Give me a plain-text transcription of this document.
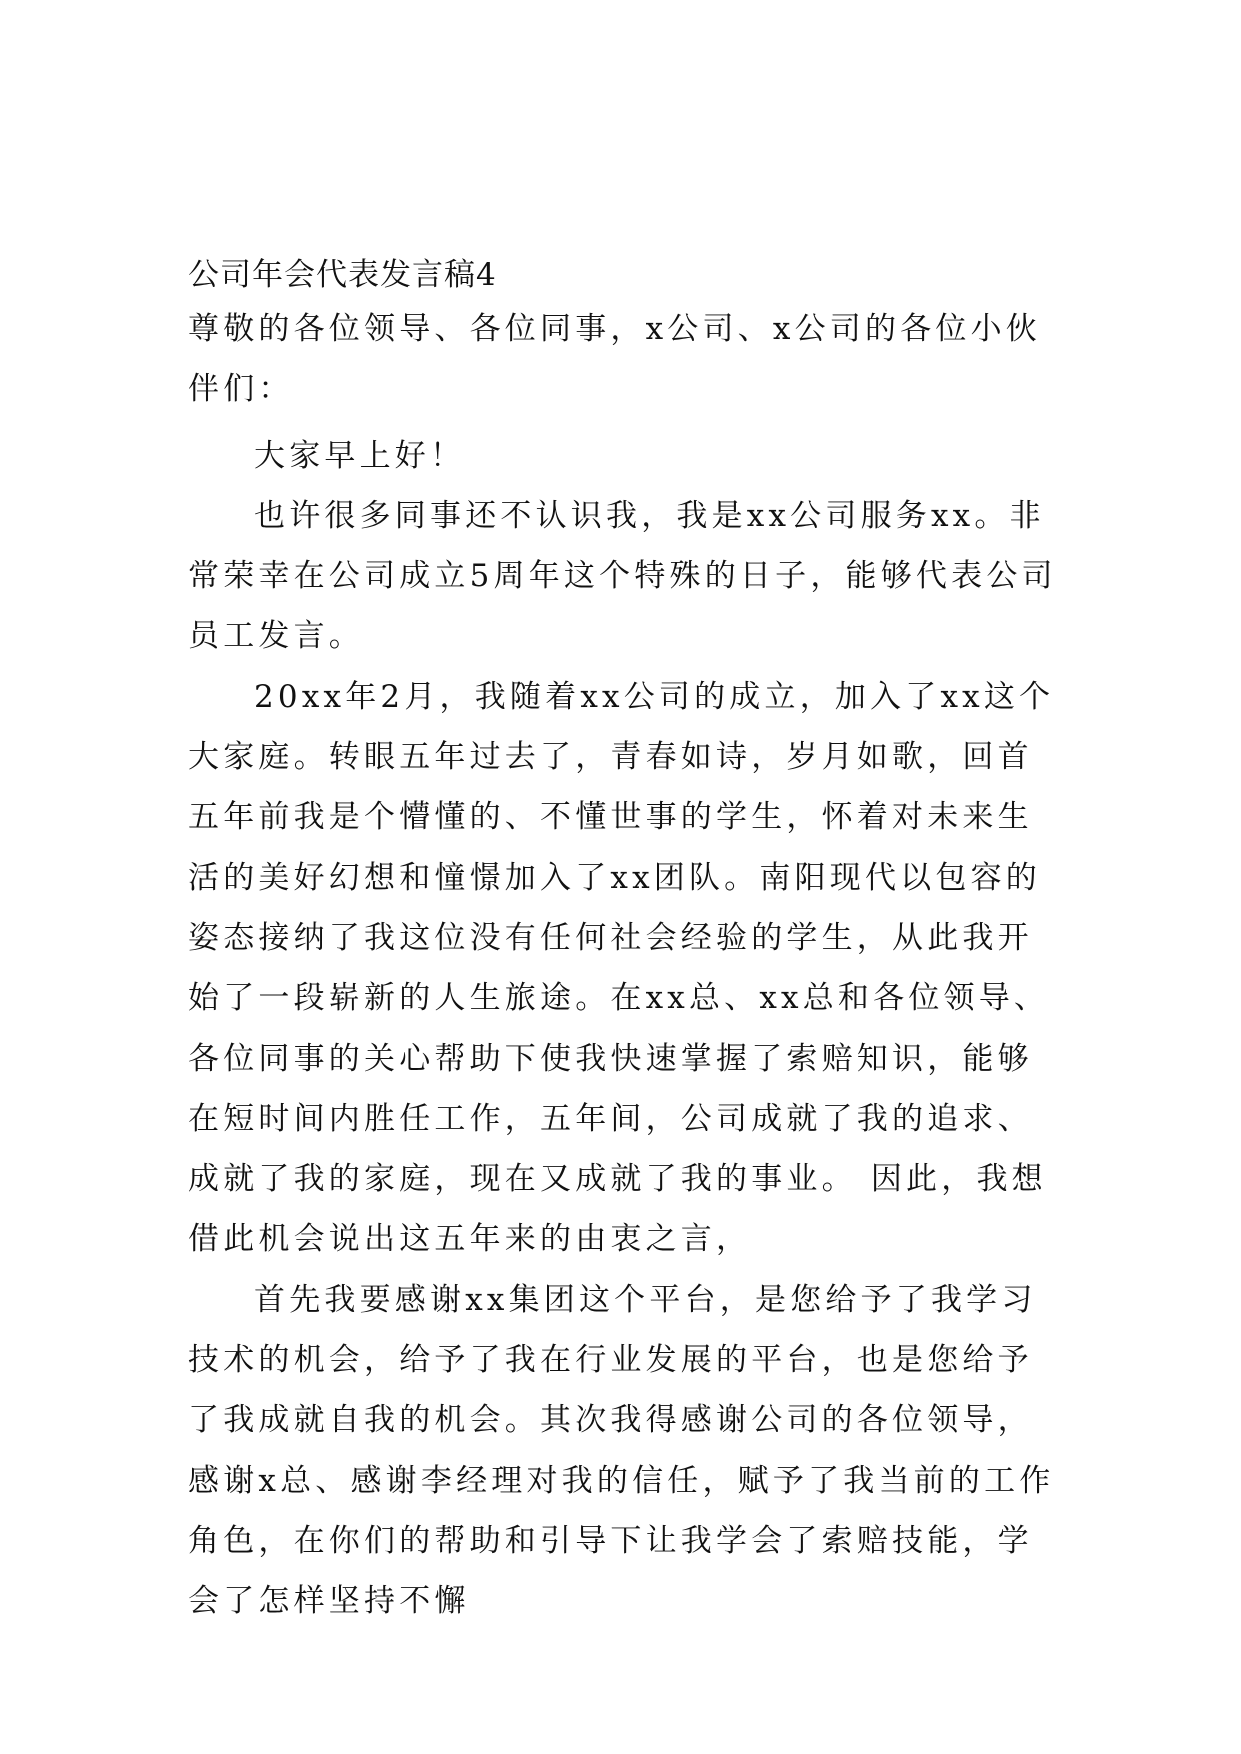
公司年会代表发言稿4

尊敬的各位领导、各位同事，x公司、x公司的各位小伙伴们：

大家早上好！

也许很多同事还不认识我，我是xx公司服务xx。非常荣幸在公司成立5周年这个特殊的日子，能够代表公司员工发言。

20xx年2月，我随着xx公司的成立，加入了xx这个大家庭。转眼五年过去了，青春如诗，岁月如歌，回首五年前我是个懵懂的、不懂世事的学生，怀着对未来生活的美好幻想和憧憬加入了xx团队。南阳现代以包容的姿态接纳了我这位没有任何社会经验的学生，从此我开始了一段崭新的人生旅途。在xx总、xx总和各位领导、各位同事的关心帮助下使我快速掌握了索赔知识，能够在短时间内胜任工作，五年间，公司成就了我的追求、成就了我的家庭，现在又成就了我的事业。 因此，我想借此机会说出这五年来的由衷之言，

首先我要感谢xx集团这个平台，是您给予了我学习技术的机会，给予了我在行业发展的平台，也是您给予了我成就自我的机会。其次我得感谢公司的各位领导，感谢x总、感谢李经理对我的信任，赋予了我当前的工作角色，在你们的帮助和引导下让我学会了索赔技能，学会了怎样坚持不懈
